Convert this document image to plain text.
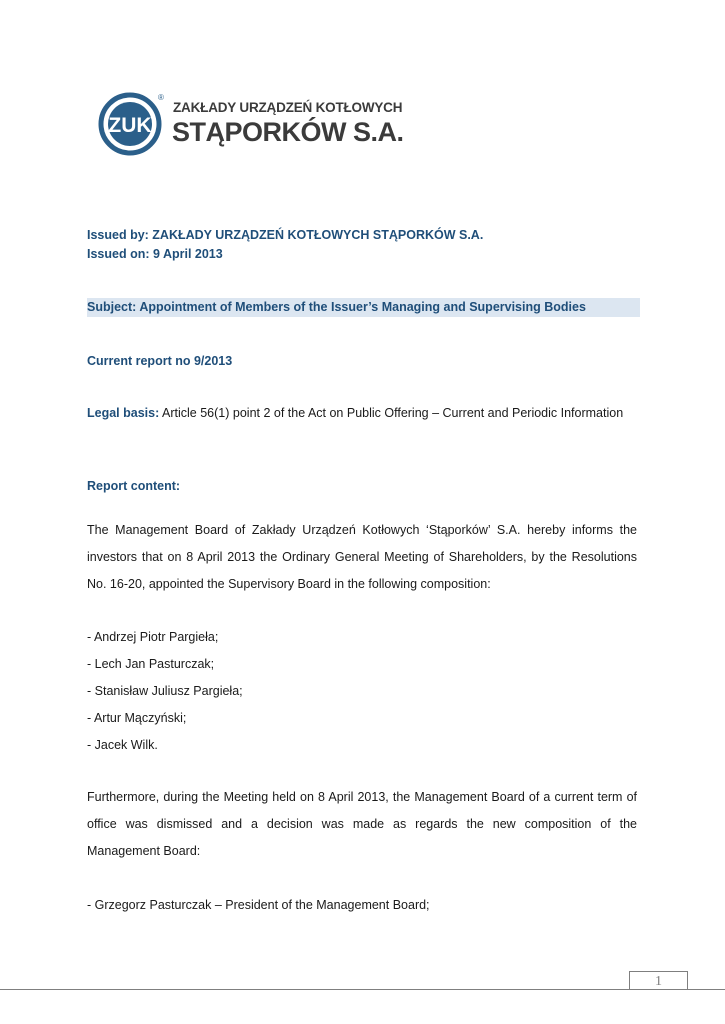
ZUK
®
ZAKŁADY URZĄDZEŃ KOTŁOWYCH
STĄPORKÓW S.A.
Issued by: ZAKŁADY URZĄDZEŃ KOTŁOWYCH STĄPORKÓW S.A.
Issued on: 9 April 2013
Subject: Appointment of Members of the Issuer’s Managing and Supervising Bodies
Current report no 9/2013
Legal basis: Article 56(1) point 2 of the Act on Public Offering – Current and Periodic Information
Report content:
The Management Board of Zakłady Urządzeń Kotłowych ‘Stąporków’ S.A. hereby informs the investors that on 8 April 2013 the Ordinary General Meeting of Shareholders, by the Resolutions No. 16-20, appointed the Supervisory Board in the following composition:
- Andrzej Piotr Pargieła;
- Lech Jan Pasturczak;
- Stanisław Juliusz Pargieła;
- Artur Mączyński;
- Jacek Wilk.
Furthermore, during the Meeting held on 8 April 2013, the Management Board of a current term of office was dismissed and a decision was made as regards the new composition of the Management Board:
- Grzegorz Pasturczak – President of the Management Board;
1
